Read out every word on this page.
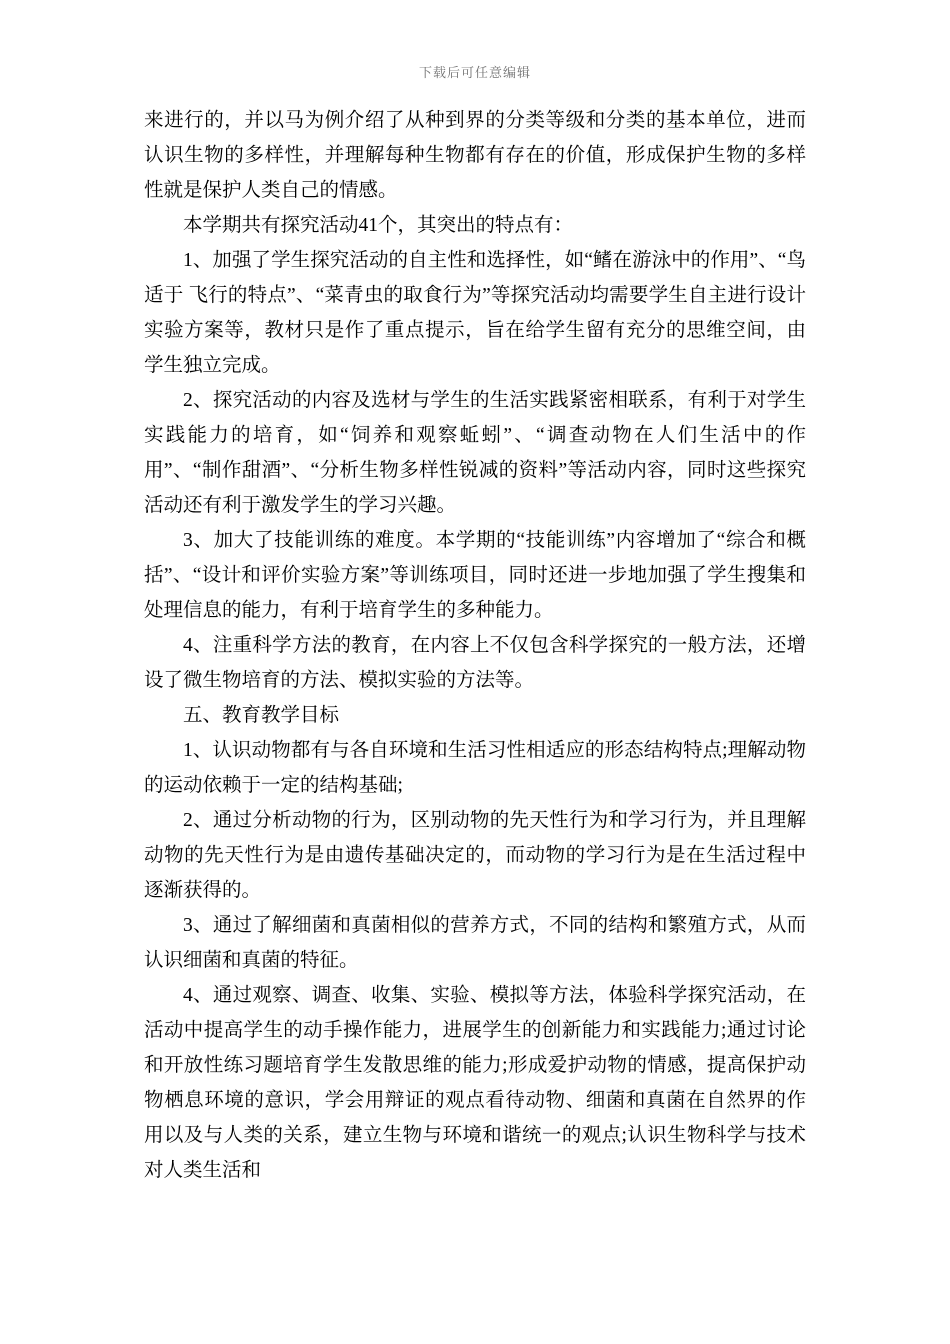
下载后可任意编辑

来进行的，并以马为例介绍了从种到界的分类等级和分类的基本单位，进而认识生物的多样性，并理解每种生物都有存在的价值，形成保护生物的多样性就是保护人类自己的情感。

本学期共有探究活动41个，其突出的特点有：

1、加强了学生探究活动的自主性和选择性，如“鳍在游泳中的作用”、“鸟适于 飞行的特点”、“菜青虫的取食行为”等探究活动均需要学生自主进行设计实验方案等，教材只是作了重点提示，旨在给学生留有充分的思维空间，由学生独立完成。

2、探究活动的内容及选材与学生的生活实践紧密相联系，有利于对学生实践能力的培育，如“饲养和观察蚯蚓”、“调查动物在人们生活中的作用”、“制作甜酒”、“分析生物多样性锐减的资料”等活动内容，同时这些探究活动还有利于激发学生的学习兴趣。

3、加大了技能训练的难度。本学期的“技能训练”内容增加了“综合和概括”、“设计和评价实验方案”等训练项目，同时还进一步地加强了学生搜集和处理信息的能力，有利于培育学生的多种能力。

4、注重科学方法的教育，在内容上不仅包含科学探究的一般方法，还增设了微生物培育的方法、模拟实验的方法等。

五、教育教学目标

1、认识动物都有与各自环境和生活习性相适应的形态结构特点;理解动物的运动依赖于一定的结构基础;

2、通过分析动物的行为，区别动物的先天性行为和学习行为，并且理解动物的先天性行为是由遗传基础决定的，而动物的学习行为是在生活过程中逐渐获得的。

3、通过了解细菌和真菌相似的营养方式，不同的结构和繁殖方式，从而认识细菌和真菌的特征。

4、通过观察、调查、收集、实验、模拟等方法，体验科学探究活动，在活动中提高学生的动手操作能力，进展学生的创新能力和实践能力;通过讨论和开放性练习题培育学生发散思维的能力;形成爱护动物的情感，提高保护动物栖息环境的意识，学会用辩证的观点看待动物、细菌和真菌在自然界的作用以及与人类的关系，建立生物与环境和谐统一的观点;认识生物科学与技术对人类生活和
